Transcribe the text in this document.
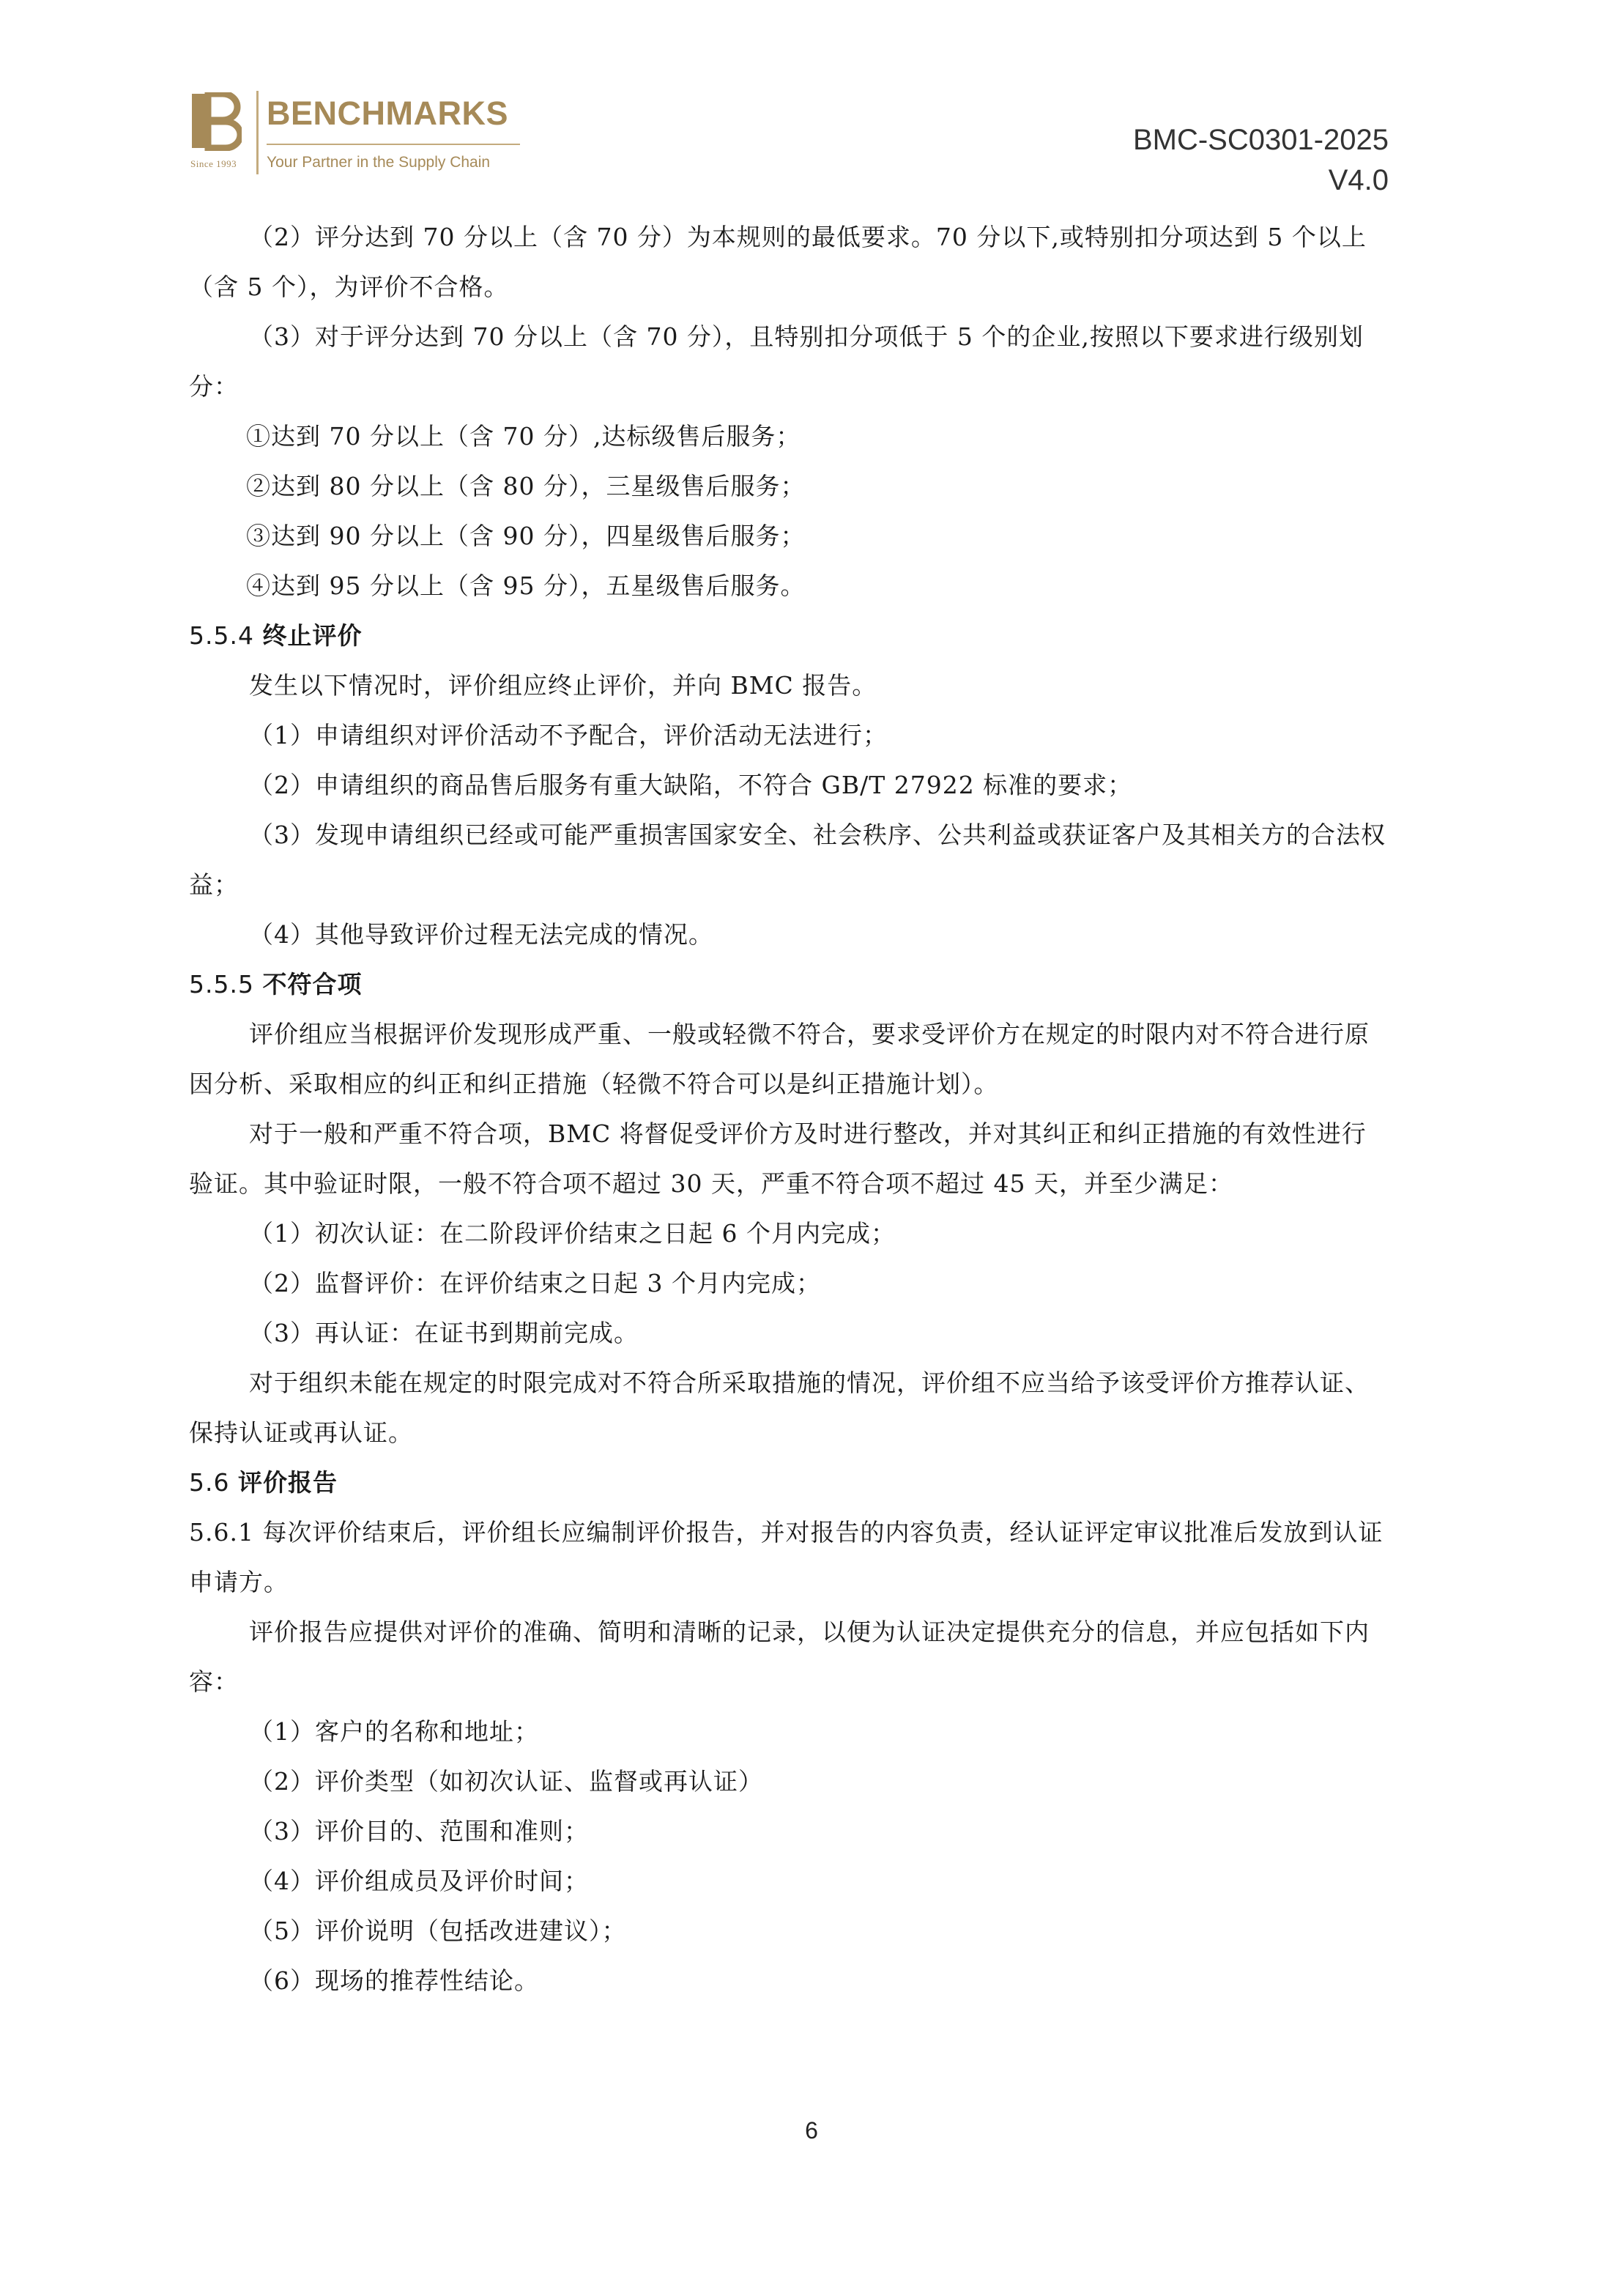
Since 1993
BENCHMARKS
Your Partner in the Supply Chain
BMC-SC0301-2025
V4.0

（2）评分达到 70 分以上（含 70 分）为本规则的最低要求。70 分以下,或特别扣分项达到 5 个以上（含 5 个），为评价不合格。

（3）对于评分达到 70 分以上（含 70 分），且特别扣分项低于 5 个的企业,按照以下要求进行级别划分：

①达到 70 分以上（含 70 分）,达标级售后服务；

②达到 80 分以上（含 80 分），三星级售后服务；

③达到 90 分以上（含 90 分），四星级售后服务；

④达到 95 分以上（含 95 分），五星级售后服务。

5.5.4 终止评价

发生以下情况时，评价组应终止评价，并向 BMC 报告。

（1）申请组织对评价活动不予配合，评价活动无法进行；

（2）申请组织的商品售后服务有重大缺陷，不符合 GB/T 27922 标准的要求；

（3）发现申请组织已经或可能严重损害国家安全、社会秩序、公共利益或获证客户及其相关方的合法权益；

（4）其他导致评价过程无法完成的情况。

5.5.5 不符合项

评价组应当根据评价发现形成严重、一般或轻微不符合，要求受评价方在规定的时限内对不符合进行原因分析、采取相应的纠正和纠正措施（轻微不符合可以是纠正措施计划）。

对于一般和严重不符合项，BMC 将督促受评价方及时进行整改，并对其纠正和纠正措施的有效性进行验证。其中验证时限，一般不符合项不超过 30 天，严重不符合项不超过 45 天，并至少满足：

（1）初次认证：在二阶段评价结束之日起 6 个月内完成；

（2）监督评价：在评价结束之日起 3 个月内完成；

（3）再认证：在证书到期前完成。

对于组织未能在规定的时限完成对不符合所采取措施的情况，评价组不应当给予该受评价方推荐认证、保持认证或再认证。

5.6 评价报告

5.6.1 每次评价结束后，评价组长应编制评价报告，并对报告的内容负责，经认证评定审议批准后发放到认证申请方。

评价报告应提供对评价的准确、简明和清晰的记录，以便为认证决定提供充分的信息，并应包括如下内容：

（1）客户的名称和地址；

（2）评价类型（如初次认证、监督或再认证）

（3）评价目的、范围和准则；

（4）评价组成员及评价时间；

（5）评价说明（包括改进建议）；

（6）现场的推荐性结论。

6
